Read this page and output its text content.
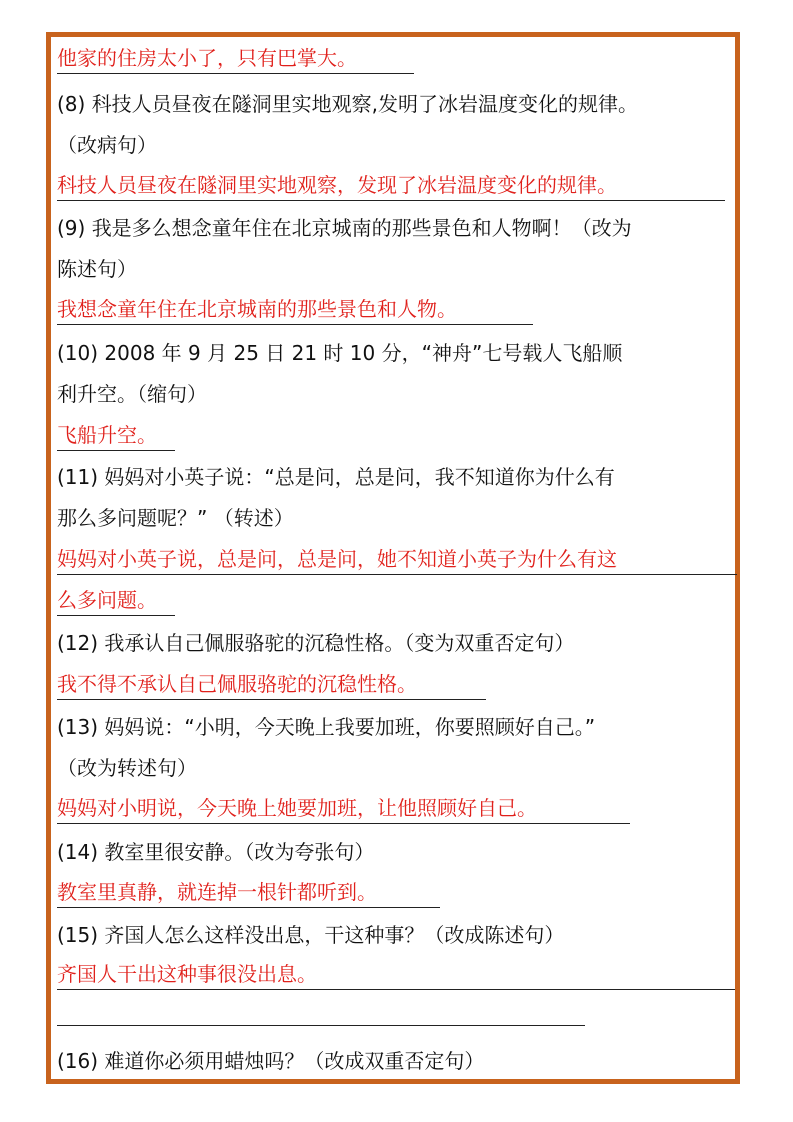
他家的住房太小了，只有巴掌大。
(8) 科技人员昼夜在隧洞里实地观察,发明了冰岩温度变化的规律。
（改病句）
科技人员昼夜在隧洞里实地观察，发现了冰岩温度变化的规律。
(9) 我是多么想念童年住在北京城南的那些景色和人物啊！（改为
陈述句）
我想念童年住在北京城南的那些景色和人物。
(10) 2008 年 9 月 25 日 21 时 10 分，“神舟”七号载人飞船顺
利升空。（缩句）
飞船升空。
(11) 妈妈对小英子说：“总是问，总是问，我不知道你为什么有
那么多问题呢？” （转述）
妈妈对小英子说，总是问，总是问，她不知道小英子为什么有这
么多问题。
(12) 我承认自己佩服骆驼的沉稳性格。（变为双重否定句）
我不得不承认自己佩服骆驼的沉稳性格。
(13) 妈妈说：“小明，今天晚上我要加班，你要照顾好自己。”
（改为转述句）
妈妈对小明说，今天晚上她要加班，让他照顾好自己。
(14) 教室里很安静。（改为夸张句）
教室里真静，就连掉一根针都听到。
(15) 齐国人怎么这样没出息，干这种事？（改成陈述句）
齐国人干出这种事很没出息。
(16) 难道你必须用蜡烛吗？（改成双重否定句）
